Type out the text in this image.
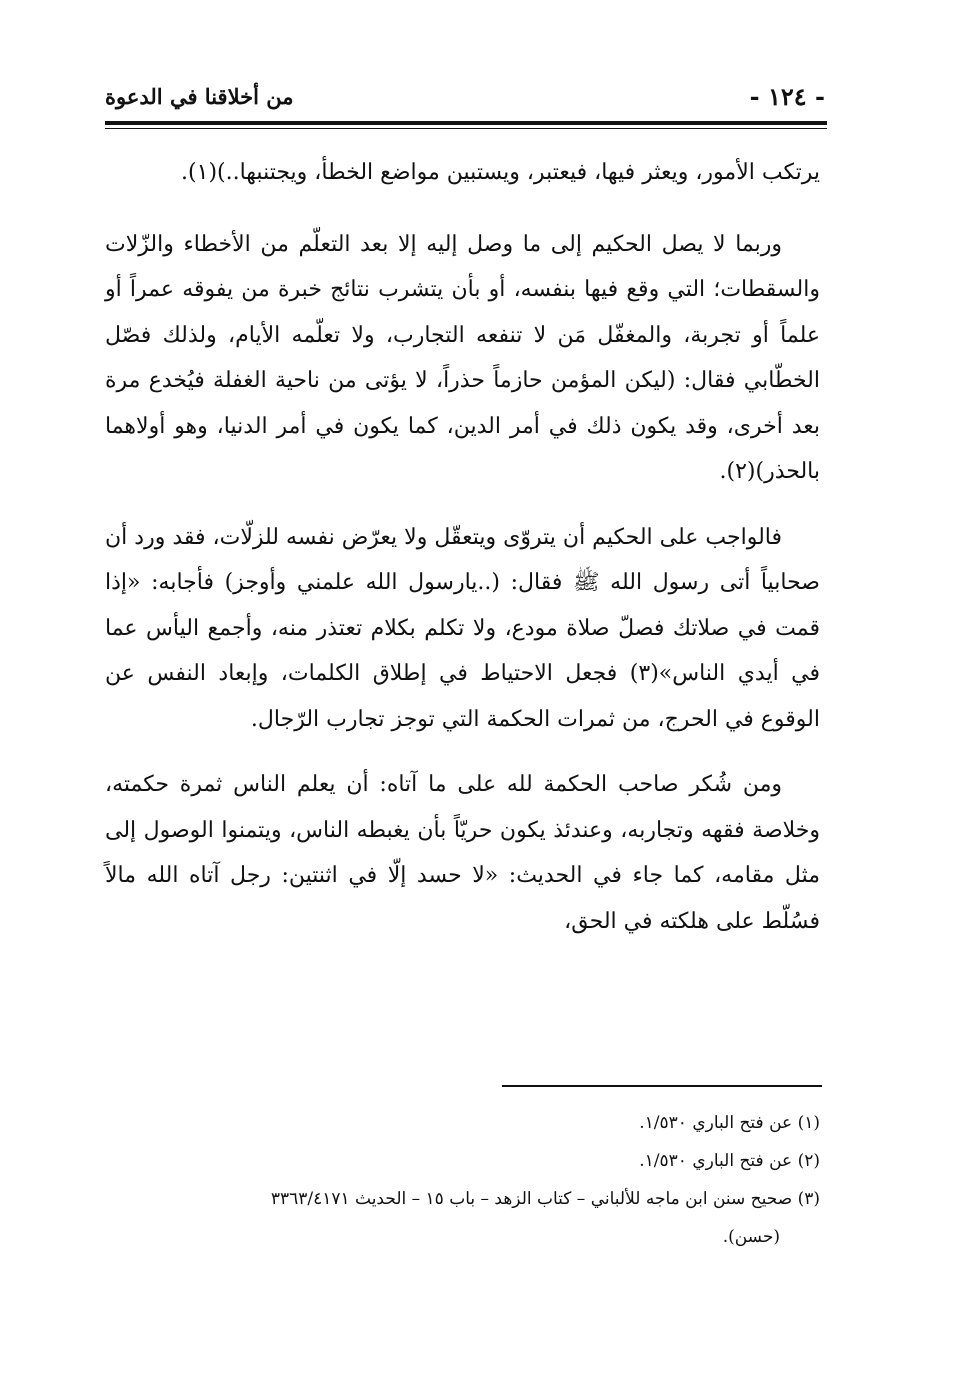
- ١٢٤ -
من أخلاقنا في الدعوة

يرتكب الأمور، ويعثر فيها، فيعتبر، ويستبين مواضع الخطأ، ويجتنبها..)(١).

وربما لا يصل الحكيم إلى ما وصل إليه إلا بعد التعلّم من الأخطاء والزّلات والسقطات؛ التي وقع فيها بنفسه، أو بأن يتشرب نتائج خبرة من يفوقه عمراً أو علماً أو تجربة، والمغفّل مَن لا تنفعه التجارب، ولا تعلّمه الأيام، ولذلك فصّل الخطّابي فقال: (ليكن المؤمن حازماً حذراً، لا يؤتى من ناحية الغفلة فيُخدع مرة بعد أخرى، وقد يكون ذلك في أمر الدين، كما يكون في أمر الدنيا، وهو أولاهما بالحذر)(٢).

فالواجب على الحكيم أن يتروّى ويتعقّل ولا يعرّض نفسه للزلّات، فقد ورد أن صحابياً أتى رسول الله ﷺ فقال: (..يارسول الله علمني وأوجز) فأجابه: «إذا قمت في صلاتك فصلّ صلاة مودع، ولا تكلم بكلام تعتذر منه، وأجمع اليأس عما في أيدي الناس»(٣) فجعل الاحتياط في إطلاق الكلمات، وإبعاد النفس عن الوقوع في الحرج، من ثمرات الحكمة التي توجز تجارب الرّجال.

ومن شُكر صاحب الحكمة لله على ما آتاه: أن يعلم الناس ثمرة حكمته، وخلاصة فقهه وتجاربه، وعندئذ يكون حريّاً بأن يغبطه الناس، ويتمنوا الوصول إلى مثل مقامه، كما جاء في الحديث: «لا حسد إلّا في اثنتين: رجل آتاه الله مالاً فسُلّط على هلكته في الحق،

(١) عن فتح الباري ١/٥٣٠.

(٢) عن فتح الباري ١/٥٣٠.

(٣) صحيح سنن ابن ماجه للألباني – كتاب الزهد – باب ١٥ – الحديث ٣٣٦٣/٤١٧١

(حسن).
